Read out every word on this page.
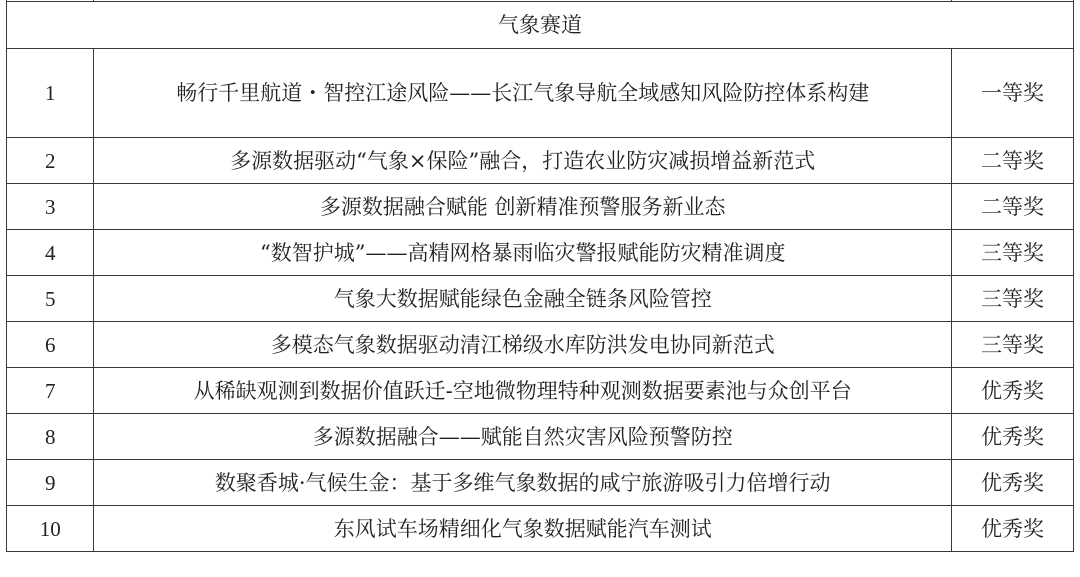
气象赛道		
1	畅行千里航道・智控江途风险——长江气象导航全域感知风险防控体系构建	一等奖
2	多源数据驱动“气象×保险”融合，打造农业防灾减损增益新范式	二等奖
3	多源数据融合赋能 创新精准预警服务新业态	二等奖
4	“数智护城”——高精网格暴雨临灾警报赋能防灾精准调度	三等奖
5	气象大数据赋能绿色金融全链条风险管控	三等奖
6	多模态气象数据驱动清江梯级水库防洪发电协同新范式	三等奖
7	从稀缺观测到数据价值跃迁-空地微物理特种观测数据要素池与众创平台	优秀奖
8	多源数据融合——赋能自然灾害风险预警防控	优秀奖
9	数聚香城·气候生金：基于多维气象数据的咸宁旅游吸引力倍增行动	优秀奖
10	东风试车场精细化气象数据赋能汽车测试	优秀奖
